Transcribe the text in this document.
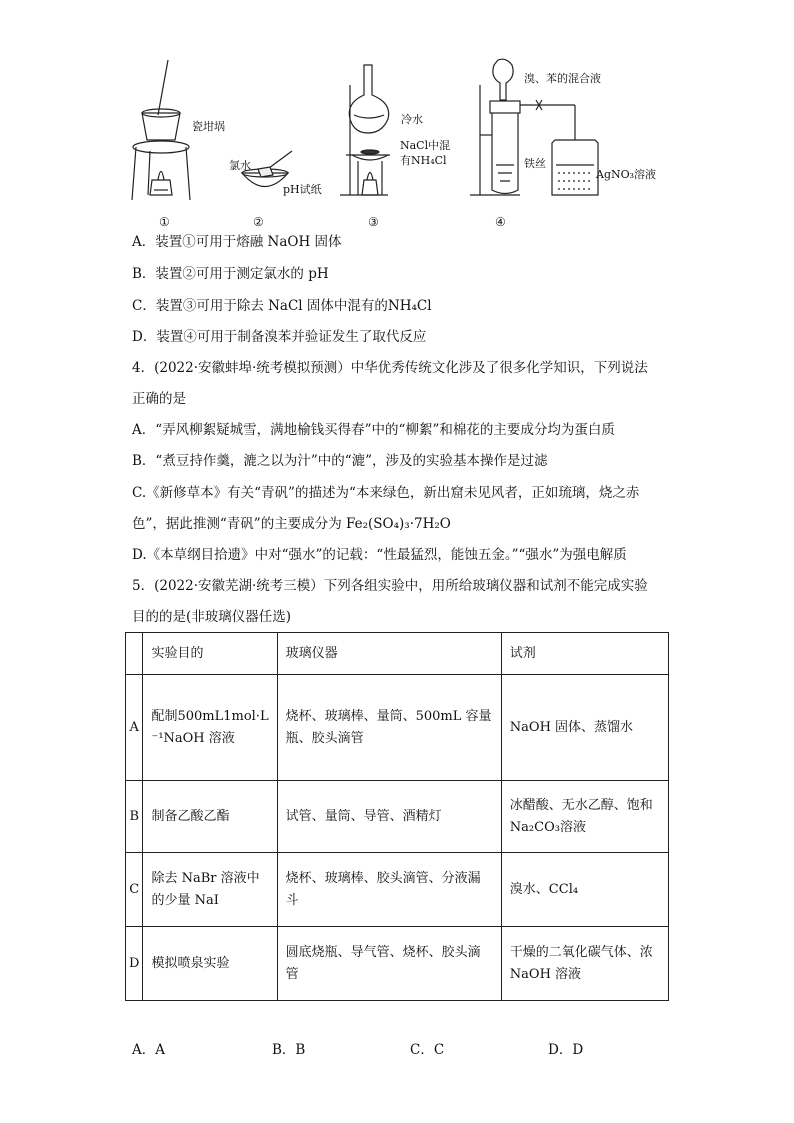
瓷坩埚
氯水
pH试纸
冷水
NaCl中混
有NH₄Cl
溴、苯的混合液
铁丝
AgNO₃溶液
①	②	③	④
A．装置①可用于熔融 NaOH 固体
B．装置②可用于测定氯水的 pH
C．装置③可用于除去 NaCl 固体中混有的NH₄Cl
D．装置④可用于制备溴苯并验证发生了取代反应
4．(2022·安徽蚌埠·统考模拟预测）中华优秀传统文化涉及了很多化学知识，下列说法
正确的是
A．“弄风柳絮疑城雪，满地榆钱买得春”中的“柳絮”和棉花的主要成分均为蛋白质
B．“煮豆持作羹，漉之以为汁”中的“漉”，涉及的实验基本操作是过滤
C.《新修草本》有关“青矾”的描述为“本来绿色，新出窟未见风者，正如琉璃，烧之赤
色”，据此推测“青矾”的主要成分为 Fe₂(SO₄)₃·7H₂O
D.《本草纲目拾遗》中对“强水”的记载：“性最猛烈，能蚀五金。”“强水”为强电解质
5．(2022·安徽芜湖·统考三模）下列各组实验中，用所给玻璃仪器和试剂不能完成实验
目的的是(非玻璃仪器任选)
	实验目的	玻璃仪器	试剂
A	配制500mL1mol·L⁻¹NaOH 溶液	烧杯、玻璃棒、量筒、500mL 容量瓶、胶头滴管	NaOH 固体、蒸馏水
B	制备乙酸乙酯	试管、量筒、导管、酒精灯	冰醋酸、无水乙醇、饱和Na₂CO₃溶液
C	除去 NaBr 溶液中的少量 NaI	烧杯、玻璃棒、胶头滴管、分液漏斗	溴水、CCl₄
D	模拟喷泉实验	圆底烧瓶、导气管、烧杯、胶头滴管	干燥的二氧化碳气体、浓NaOH 溶液
A．A	B．B	C．C	D．D
